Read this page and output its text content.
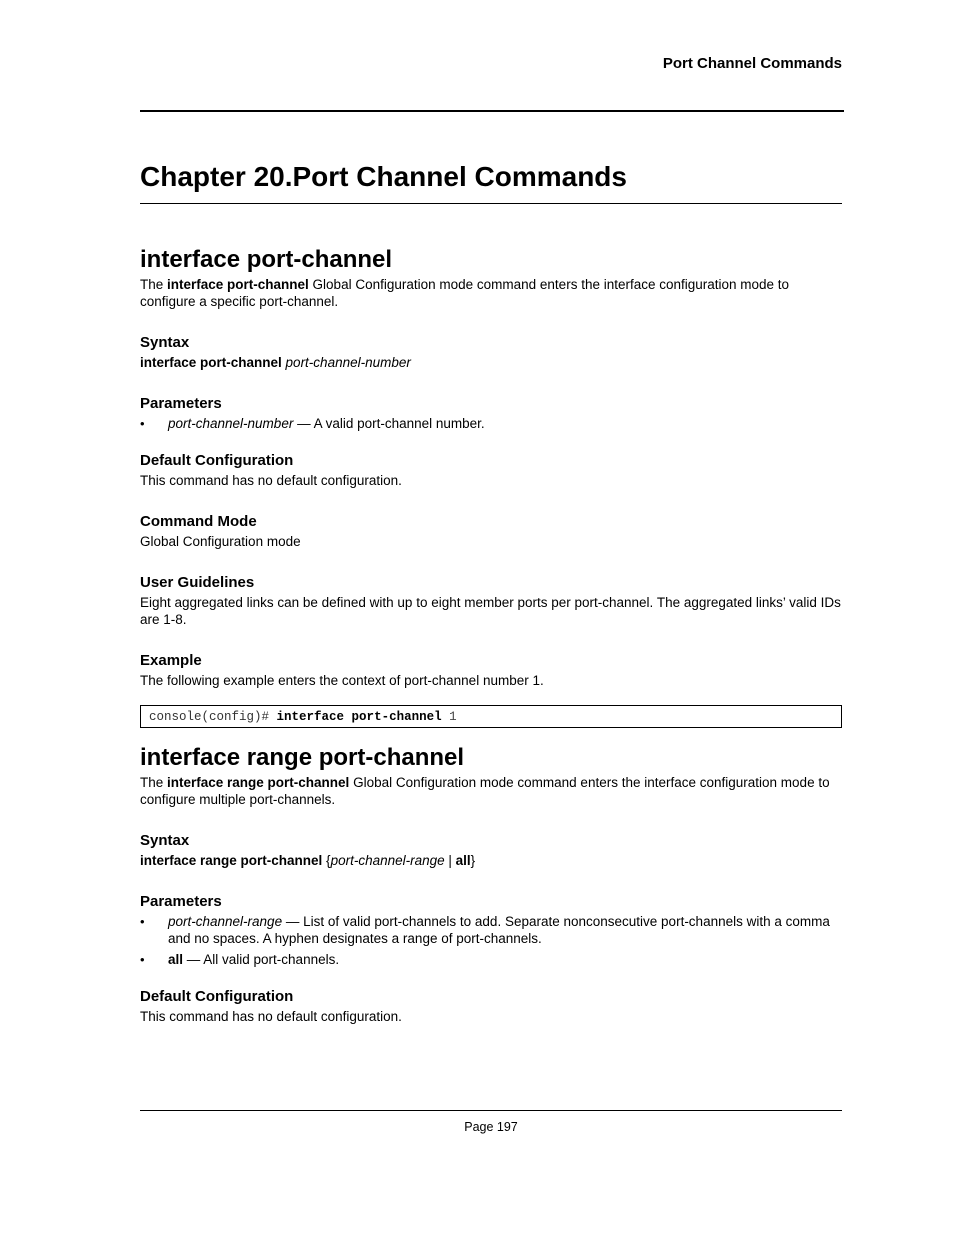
Port Channel Commands
Chapter 20.Port Channel Commands
interface port-channel

The interface port-channel Global Configuration mode command enters the interface configuration mode to configure a specific port-channel.

Syntax

interface port-channel port-channel-number

Parameters
• port-channel-number — A valid port-channel number.
Default Configuration

This command has no default configuration.

Command Mode

Global Configuration mode

User Guidelines

Eight aggregated links can be defined with up to eight member ports per port-channel. The aggregated links’ valid IDs are 1-8.

Example

The following example enters the context of port-channel number 1.

console(config)# interface port-channel 1
interface range port-channel

The interface range port-channel Global Configuration mode command enters the interface configuration mode to configure multiple port-channels.

Syntax

interface range port-channel {port-channel-range | all}

Parameters
• port-channel-range — List of valid port-channels to add. Separate nonconsecutive port-channels with a comma and no spaces. A hyphen designates a range of port-channels.
• all — All valid port-channels.
Default Configuration

This command has no default configuration.

Page 197
